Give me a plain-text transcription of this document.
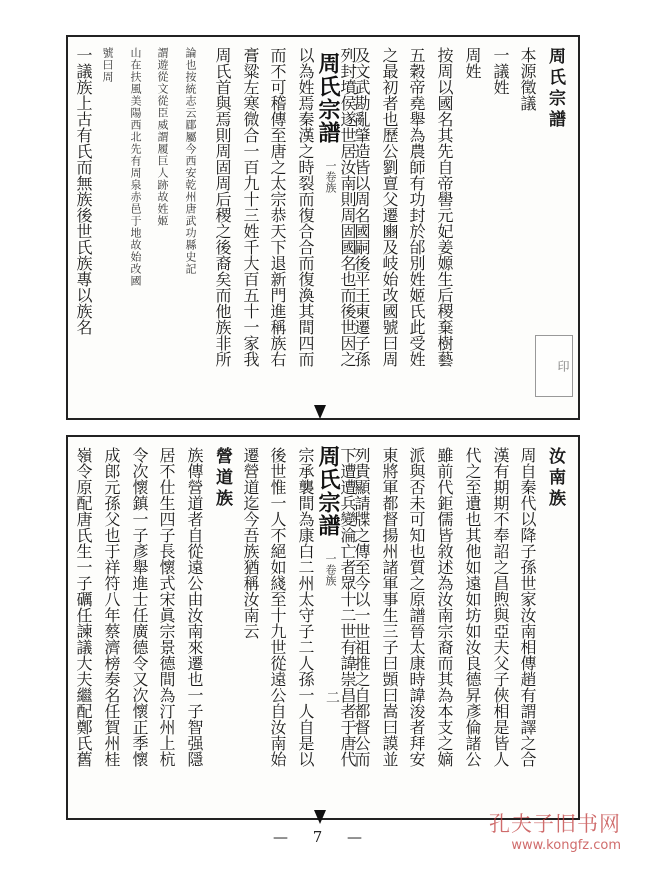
周氏宗譜
一卷族
周氏宗譜
一卷族
二
印
周氏宗譜
本源徵議
一議姓
周姓
按周以國名其先自帝嚳元妃姜嫄生后稷棄樹藝
五穀帝堯舉為農師有功封於邰別姓姬氏此受姓
之最初者也歷公劉亶父遷豳及岐始改國號曰周
及文武勘亂肇造皆以周名國嗣後平王東遷子孫
列封墳侯遂世居汝南則周固國名也而後世因之
以為姓焉秦漢之時裂而復合合而復渙其間四而
而不可稽傳至唐之太宗恭天下退新門進稱族右
膏粱左寒微合一百九十三姓千大百五十一家我
周氏首與焉則周固周后稷之後裔矣而他族非所
論也按統志云郿屬今西安乾州唐武功縣史記
謂遊從文從臣威謂履巨人跡故姓姬
山在扶風美陽西北先有周泉赤邑于地故始改國
號曰周
一議族上古有氏而無族後世氏族專以族名
汝南族
周自秦代以降子孫世家汝南相傳趙有謂譯之合
漢有期期不奉詔之昌煦與亞夫父子俠相是皆人
代之至遺也其他如遠如坊如汝良德昇彥倫諸公
雖前代鉅儒皆敘述為汝南宗裔而其為本支之嫡
派與否未可知也質之原譜晉太康時諱浚者拜安
東將軍都督揚州諸軍事生三子曰顗曰嵩曰謨並
列貴顯請牒之傳至今以一世祖推之自都督公而
下遭遭兵變淪亡者眾十二世有諱崇昌者于唐代
宗承襲間為康白二州太守子二人孫一人自是以
後世惟一人不絕如綫至十九世從遠公自汝南始
遷營道迄今吾族猶稱汝南云
營道族
族傳營道者自從遠公由汝南來遷也一子智强隱
居不仕生四子長懷式宋眞宗景德間為汀州上杭
令次懷鎮一子彥舉進士任廣德令又次懷正季懷
成郎元孫父也于祥符八年蔡濟榜奏名任賀州桂
嶺令原配唐氏生一子礪任諫議大夫繼配鄭氏舊
— 7 —
孔夫子旧书网
www.kongfz.com
